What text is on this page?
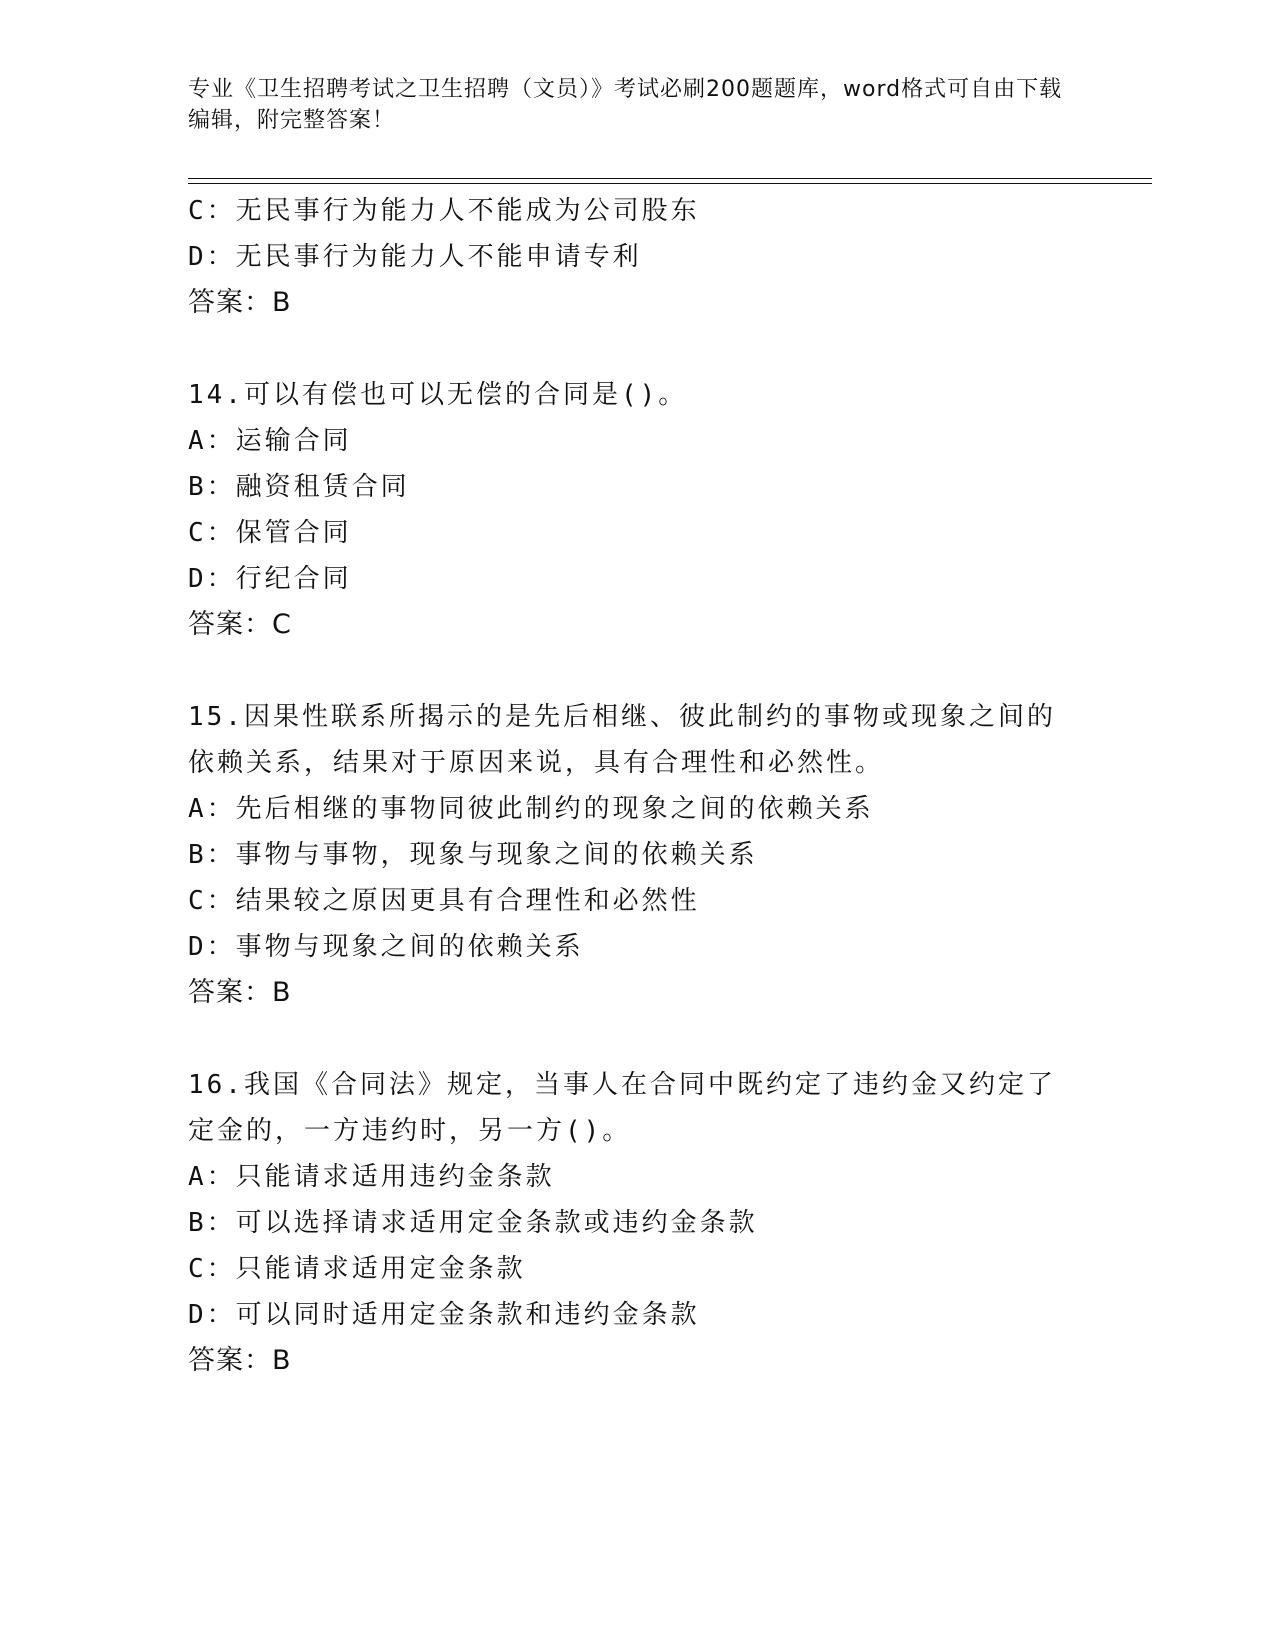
专业《卫生招聘考试之卫生招聘（文员）》考试必刷200题题库，word格式可自由下载编辑，附完整答案！
C：无民事行为能力人不能成为公司股东
D：无民事行为能力人不能申请专利
答案：B
14.可以有偿也可以无偿的合同是()。
A：运输合同
B：融资租赁合同
C：保管合同
D：行纪合同
答案：C
15.因果性联系所揭示的是先后相继、彼此制约的事物或现象之间的依赖关系，结果对于原因来说，具有合理性和必然性。
A：先后相继的事物同彼此制约的现象之间的依赖关系
B：事物与事物，现象与现象之间的依赖关系
C：结果较之原因更具有合理性和必然性
D：事物与现象之间的依赖关系
答案：B
16.我国《合同法》规定，当事人在合同中既约定了违约金又约定了定金的，一方违约时，另一方()。
A：只能请求适用违约金条款
B：可以选择请求适用定金条款或违约金条款
C：只能请求适用定金条款
D：可以同时适用定金条款和违约金条款
答案：B
